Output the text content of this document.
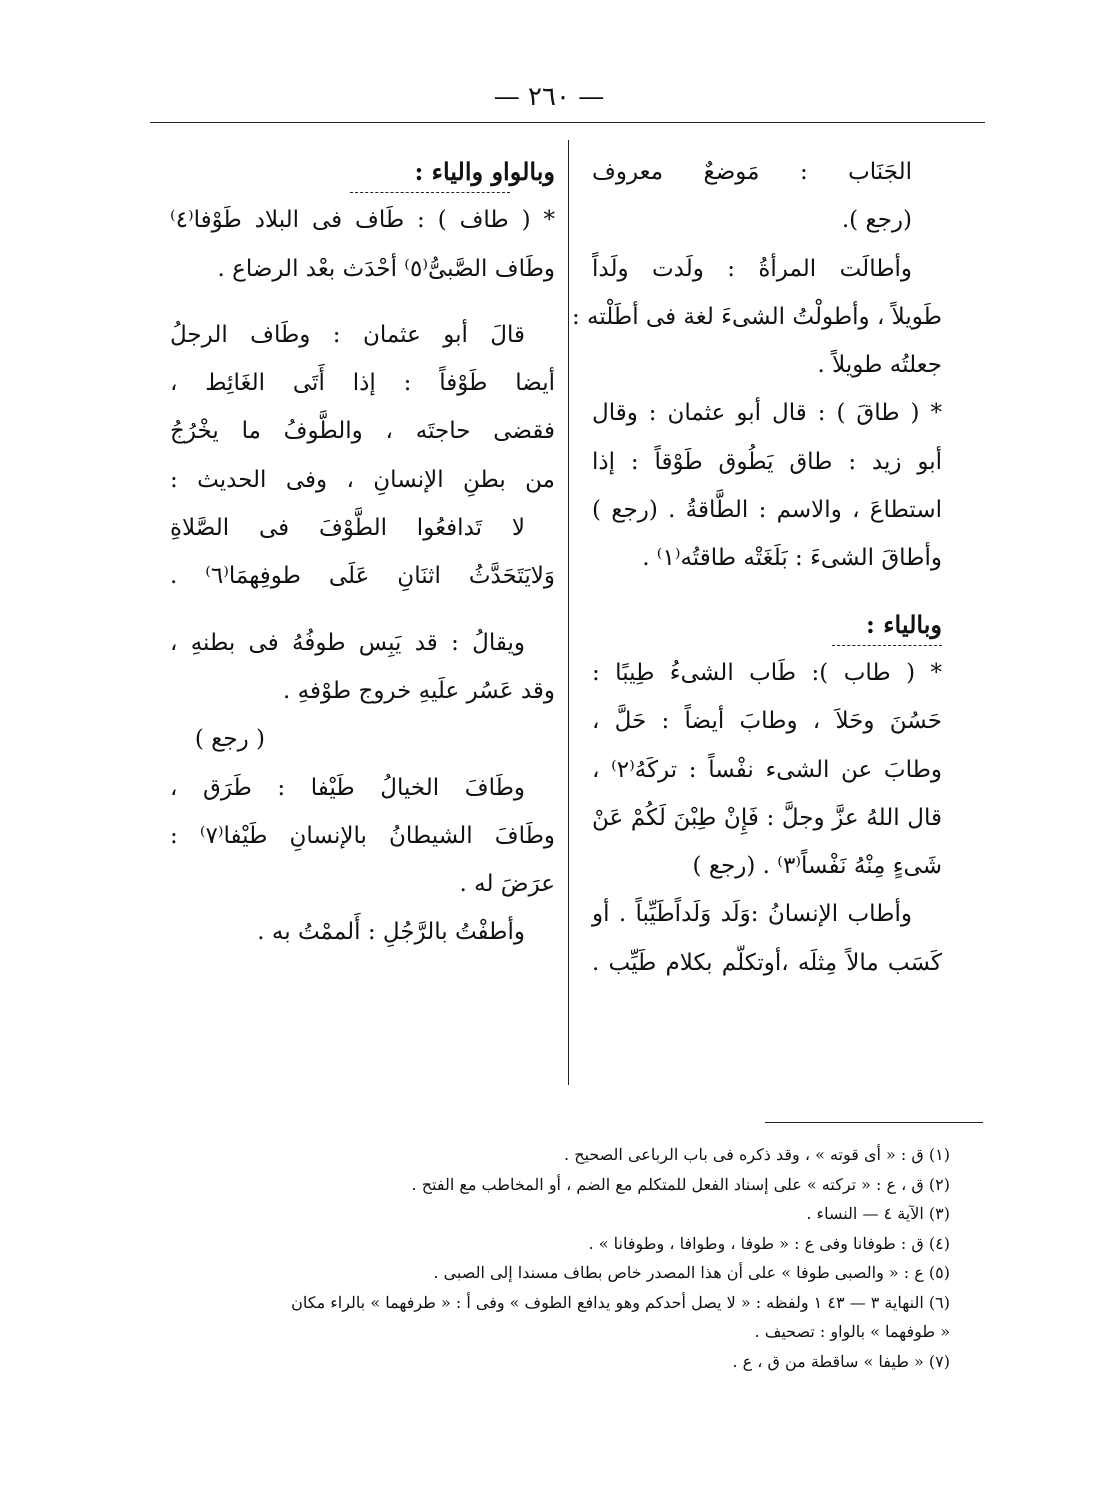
— ٢٦٠ —
الجَنَاب : مَوضعٌ معروف
(رجع ).
وأطالَت المرأةُ : ولَدت ولَداً
طَويلاً ، وأطولْتُ الشىءَ لغة فى أطَلْته :
جعلتُه طويلاً .
* ( طاقَ ) : قال أبو عثمان : وقال
أبو زيد : طاق يَطُوق طَوْقاً : إذا
استطاعَ ، والاسم : الطَّاقةُ . (رجع )
وأطاقَ الشىءَ : بَلَغَتْه طاقتُه⁽١⁾ .
وبالياء :
* ( طاب ): طَاب الشىءُ طِيبًا :
حَسُنَ وحَلاَ ، وطابَ أيضاً : حَلَّ ،
وطابَ عن الشىء نفْساً : تركَهُ⁽٢⁾ ،
قال اللهُ عزَّ وجلَّ : فَإِنْ طِبْنَ لَكُمْ عَنْ
شَىءٍ مِنْهُ نَفْساً⁽٣⁾ . (رجع )
وأطاب الإنسانُ :وَلَد وَلَداًطَيِّباً . أو
كَسَب مالاً مِثلَه ،أوتكلّم بكلام طَيِّب .
وبالواو والياء :
* ( طاف ) : طَاف فى البلاد طَوْفا⁽٤⁾
وطَاف الصَّبىُّ⁽٥⁾ أحْدَث بعْد الرضاع .
قالَ أبو عثمان : وطَاف الرجلُ
أيضا طَوْفاً : إذا أَتَى الغَائِط ،
فقضى حاجتَه ، والطَّوفُ ما يخْرُجُ
من بطنِ الإنسانِ ، وفى الحديث :
لا تَدافعُوا الطَّوْفَ فى الصَّلاةِ
وَلايَتَحَدَّثُ اثنَانِ عَلَى طوفِهمَا⁽٦⁾ .
ويقالُ : قد يَبِس طوفُهُ فى بطنهِ ،
وقد عَسُر علَيهِ خروج طوْفهِ .
( رجع )
وطَافَ الخيالُ طَيْفا : طَرَق ،
وطَافَ الشيطانُ بالإنسانِ طَيْفا⁽٧⁾ :
عرَضَ له .
وأطفْتُ بالرَّجُلِ : أَلممْتُ به .
(١) ق : « أى قوته » ، وقد ذكره فى باب الرباعى الصحيح .
(٢) ق ، ع : « تركته » على إسناد الفعل للمتكلم مع الضم ، أو المخاطب مع الفتح .
(٣) الآية ٤ — النساء .
(٤) ق : طوفانا وفى ع : « طوفا ، وطوافا ، وطوفانا » .
(٥) ع : « والصبى طوفا » على أن هذا المصدر خاص بطاف مسندا إلى الصبى .
(٦) النهاية ٣ — ٤٣ ١ ولفظه : « لا يصل أحدكم وهو يدافع الطوف » وفى أ : « طرفهما » بالراء مكان
« طوفهما » بالواو : تصحيف .
(٧) « طيفا » ساقطة من ق ، ع .
